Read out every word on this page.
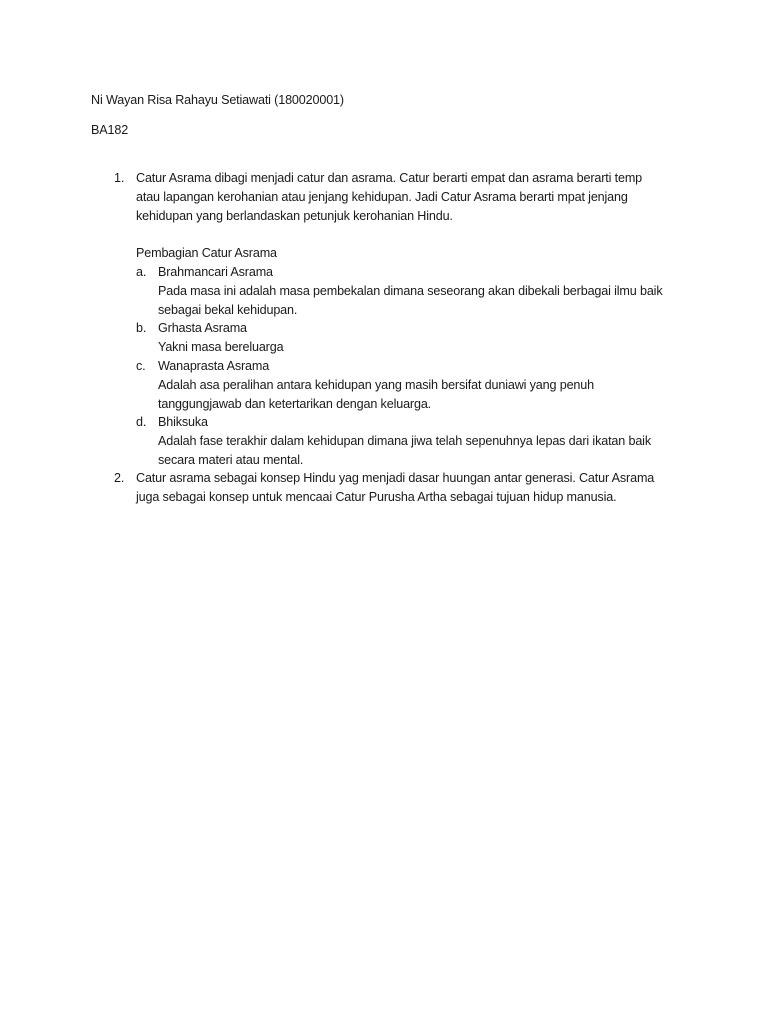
Ni Wayan Risa Rahayu Setiawati (180020001)
BA182
1. Catur Asrama dibagi menjadi catur dan asrama. Catur berarti empat dan asrama berarti temp
atau lapangan kerohanian atau jenjang kehidupan. Jadi Catur Asrama berarti mpat jenjang
kehidupan yang berlandaskan petunjuk kerohanian Hindu.
Pembagian Catur Asrama
a. Brahmancari Asrama
Pada masa ini adalah masa pembekalan dimana seseorang akan dibekali berbagai ilmu baik
sebagai bekal kehidupan.
b. Grhasta Asrama
Yakni masa bereluarga
c. Wanaprasta Asrama
Adalah asa peralihan antara kehidupan yang masih bersifat duniawi yang penuh
tanggungjawab dan ketertarikan dengan keluarga.
d. Bhiksuka
Adalah fase terakhir dalam kehidupan dimana jiwa telah sepenuhnya lepas dari ikatan baik
secara materi atau mental.
2. Catur asrama sebagai konsep Hindu yag menjadi dasar huungan antar generasi. Catur Asrama
juga sebagai konsep untuk mencaai Catur Purusha Artha sebagai tujuan hidup manusia.
